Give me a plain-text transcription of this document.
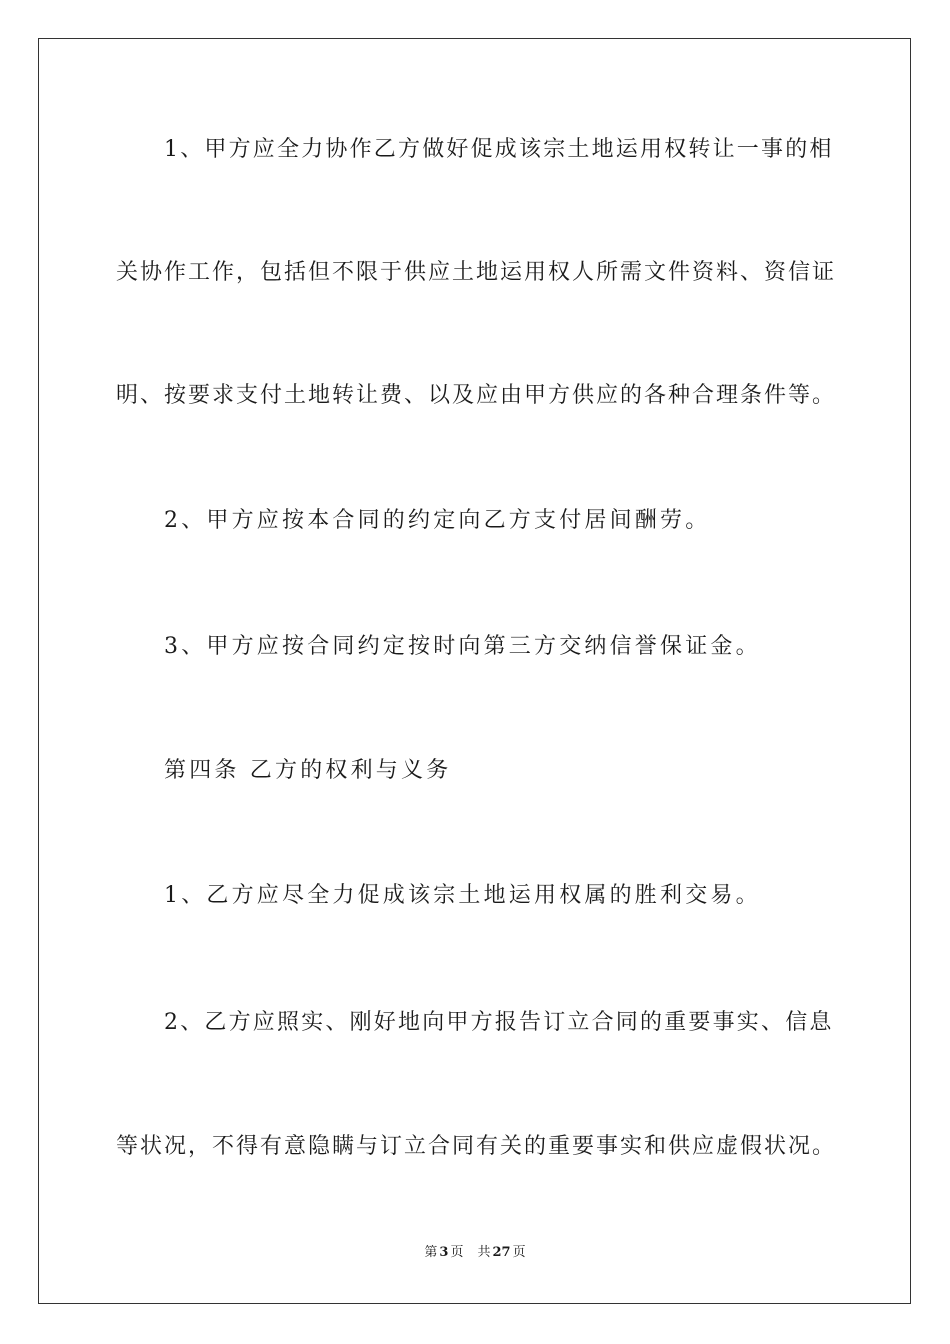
1、甲方应全力协作乙方做好促成该宗土地运用权转让一事的相
关协作工作，包括但不限于供应土地运用权人所需文件资料、资信证
明、按要求支付土地转让费、以及应由甲方供应的各种合理条件等。
2、甲方应按本合同的约定向乙方支付居间酬劳。
3、甲方应按合同约定按时向第三方交纳信誉保证金。
第四条 乙方的权利与义务
1、乙方应尽全力促成该宗土地运用权属的胜利交易。
2、乙方应照实、刚好地向甲方报告订立合同的重要事实、信息
等状况，不得有意隐瞒与订立合同有关的重要事实和供应虚假状况。
第 3 页 共 27 页
